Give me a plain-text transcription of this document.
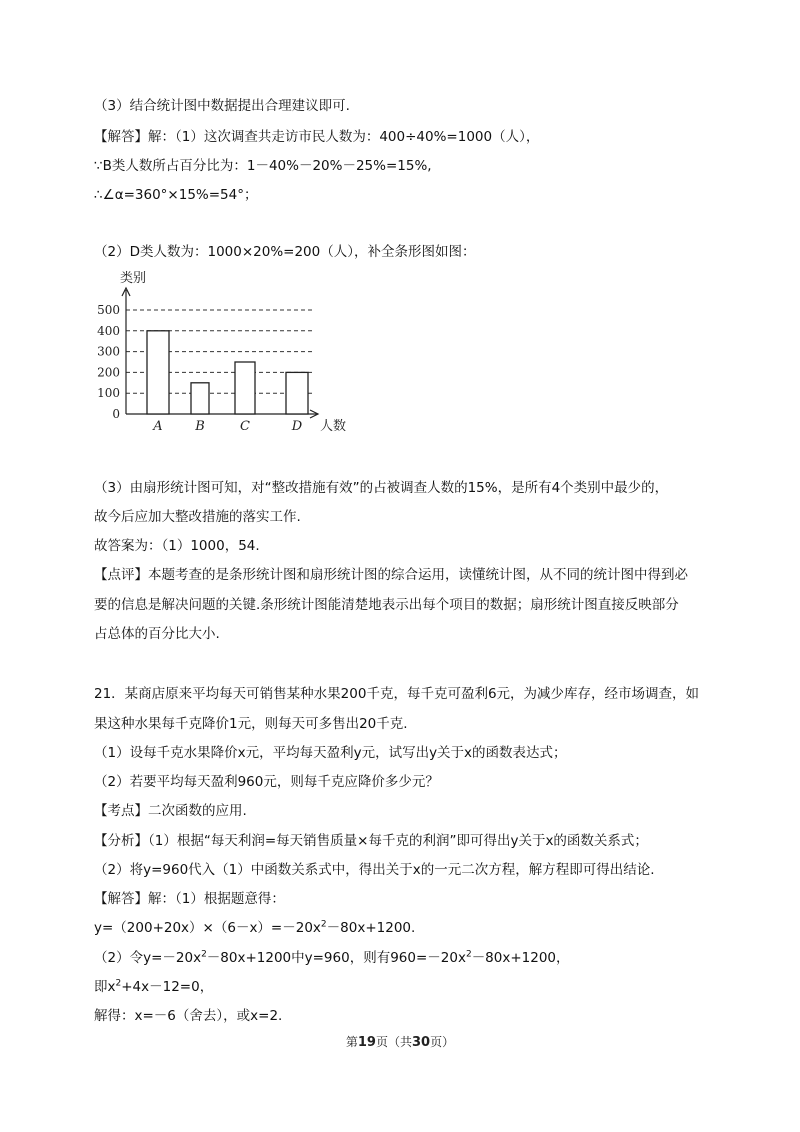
（3）结合统计图中数据提出合理建议即可.
【解答】解：（1）这次调查共走访市民人数为：400÷40%=1000（人），
∵B类人数所占百分比为：1－40%－20%－25%=15%,
∴∠α=360°×15%=54°；
（2）D类人数为：1000×20%=200（人），补全条形图如图：
0
100
200
300
400
500
A	B	C	D
类别
人数
（3）由扇形统计图可知，对“整改措施有效”的占被调查人数的15%，是所有4个类别中最少的，
故今后应加大整改措施的落实工作.
故答案为：（1）1000，54.
【点评】本题考查的是条形统计图和扇形统计图的综合运用，读懂统计图，从不同的统计图中得到必
要的信息是解决问题的关键.条形统计图能清楚地表示出每个项目的数据；扇形统计图直接反映部分
占总体的百分比大小.
21．某商店原来平均每天可销售某种水果200千克，每千克可盈利6元，为减少库存，经市场调查，如
果这种水果每千克降价1元，则每天可多售出20千克.
（1）设每千克水果降价x元，平均每天盈利y元，试写出y关于x的函数表达式；
（2）若要平均每天盈利960元，则每千克应降价多少元？
【考点】二次函数的应用.
【分析】（1）根据“每天利润=每天销售质量×每千克的利润”即可得出y关于x的函数关系式；
（2）将y=960代入（1）中函数关系式中，得出关于x的一元二次方程，解方程即可得出结论.
【解答】解：（1）根据题意得：
$y=(200+20x)\times(6-x)=-20x^2-80x+1200$.
（2）令$y=-20x^2-80x+1200$中y=960，则有$960=-20x^2-80x+1200$，
即$x^2+4x-12=0$，
解得：x=－6（舍去），或x=2.
第19页（共30页）
